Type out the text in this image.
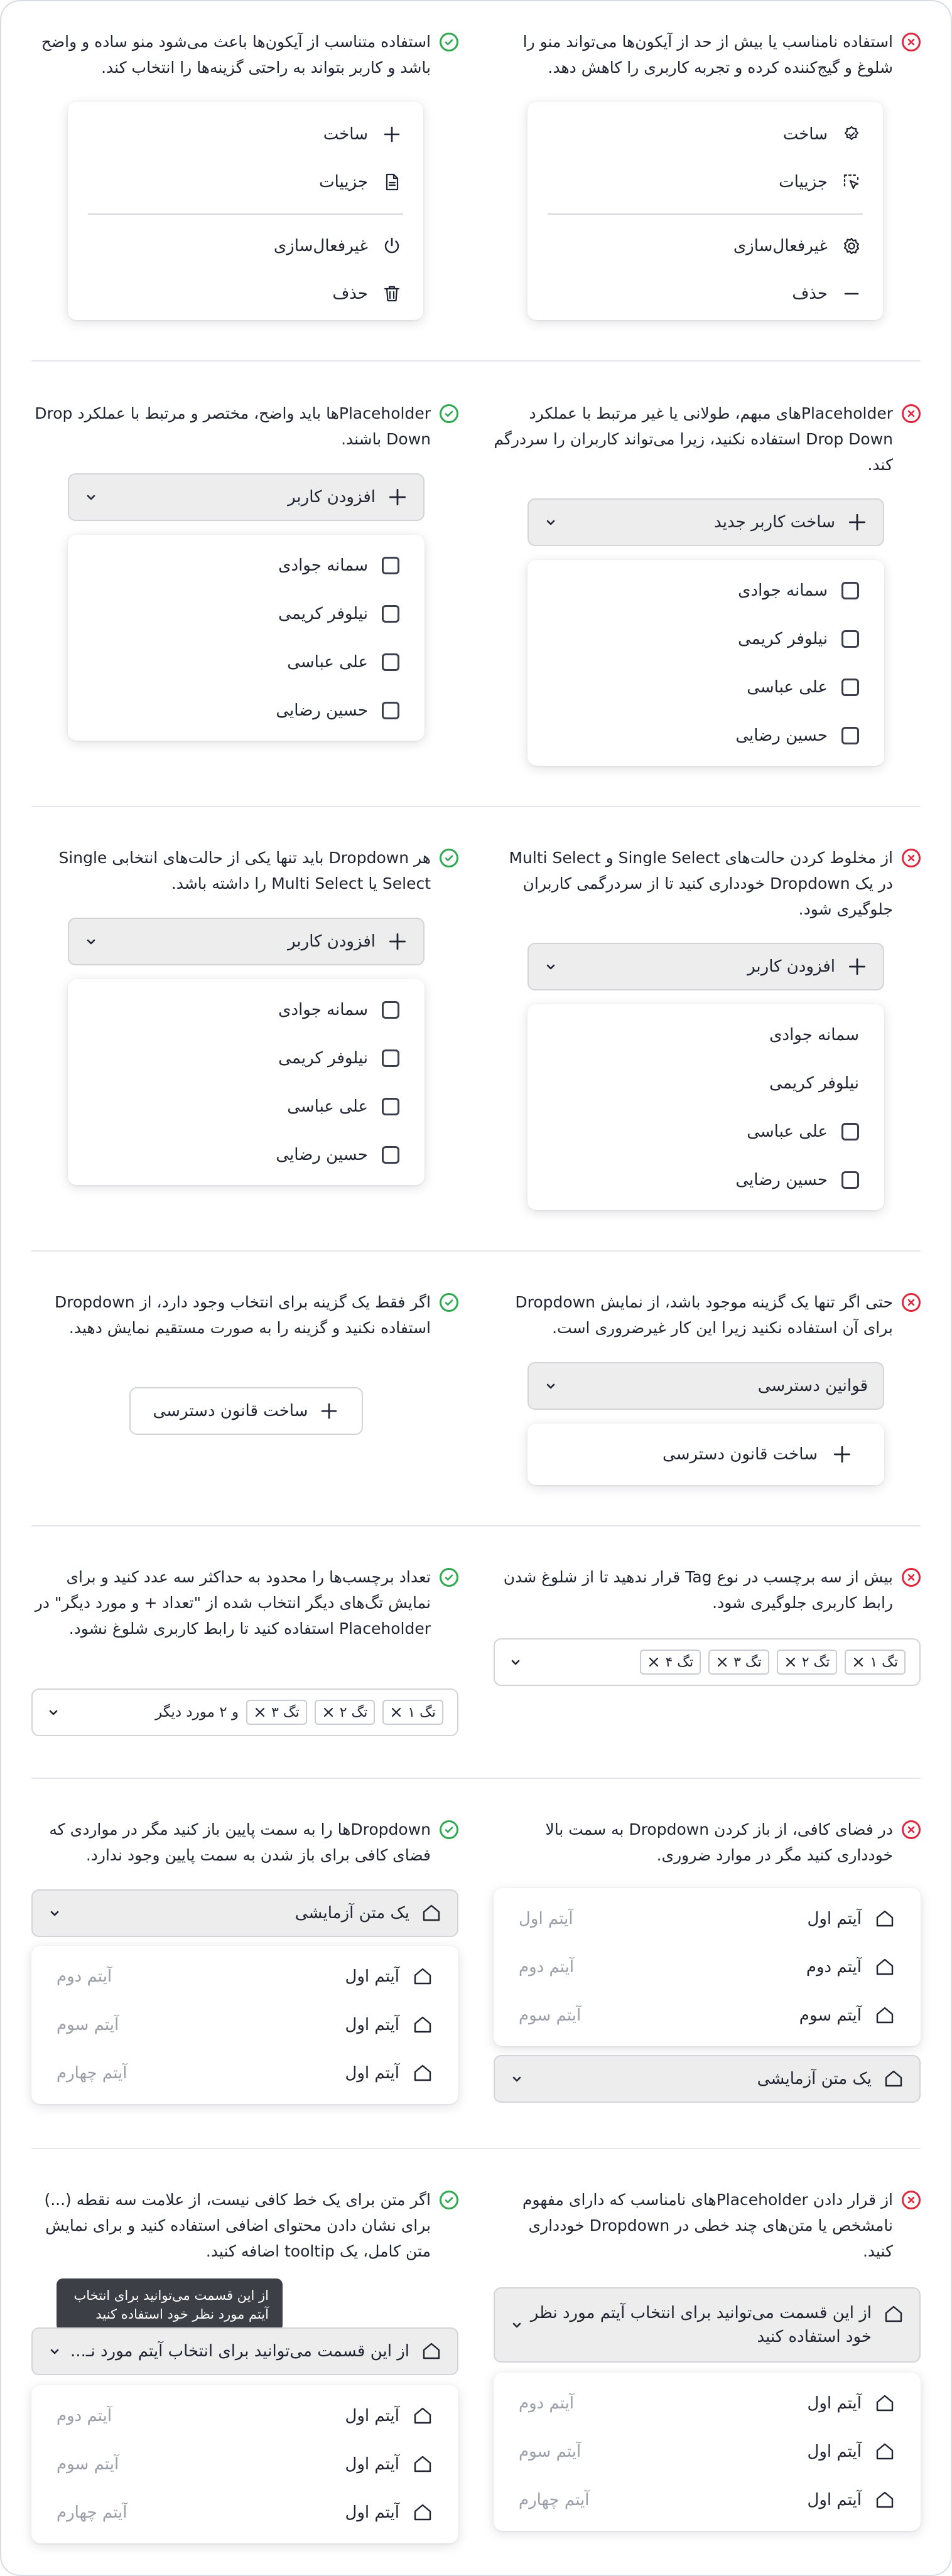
استفاده نامناسب یا بیش از حد از آیکون‌ها می‌تواند منو را شلوغ و گیج‌کننده کرده و تجربه کاربری را کاهش دهد.
ساخت
جزییات
غیرفعال‌سازی
حذف
استفاده متناسب از آیکون‌ها باعث می‌شود منو ساده و واضح باشد و کاربر بتواند به راحتی گزینه‌ها را انتخاب کند.
ساخت
جزییات
غیرفعال‌سازی
حذف
Placeholderهای مبهم، طولانی یا غیر مرتبط با عملکرد Drop Down استفاده نکنید، زیرا می‌تواند کاربران را سردرگم کند.
ساخت کاربر جدید
سمانه جوادی
نیلوفر کریمی
علی عباسی
حسین رضایی
Placeholderها باید واضح، مختصر و مرتبط با عملکرد Drop Down باشند.
افزودن کاربر
سمانه جوادی
نیلوفر کریمی
علی عباسی
حسین رضایی
از مخلوط کردن حالت‌های Single Select و Multi Select در یک Dropdown خودداری کنید تا از سردرگمی کاربران جلوگیری شود.
افزودن کاربر
سمانه جوادی
نیلوفر کریمی
علی عباسی
حسین رضایی
هر Dropdown باید تنها یکی از حالت‌های انتخابی Single Select یا Multi Select را داشته باشد.
افزودن کاربر
سمانه جوادی
نیلوفر کریمی
علی عباسی
حسین رضایی
حتی اگر تنها یک گزینه موجود باشد، از نمایش Dropdown برای آن استفاده نکنید زیرا این کار غیرضروری است.
قوانین دسترسی
ساخت قانون دسترسی
اگر فقط یک گزینه برای انتخاب وجود دارد، از Dropdown استفاده نکنید و گزینه را به صورت مستقیم نمایش دهید.
ساخت قانون دسترسی
بیش از سه برچسب در نوع Tag قرار ندهید تا از شلوغ شدن رابط کاربری جلوگیری شود.
تگ ۱
تگ ۲
تگ ۳
تگ ۴
تعداد برچسب‌ها را محدود به حداکثر سه عدد کنید و برای نمایش تگ‌های دیگر انتخاب شده از "تعداد + و مورد دیگر" در Placeholder استفاده کنید تا رابط کاربری شلوغ نشود.
تگ ۱
تگ ۲
تگ ۳
و ۲ مورد دیگر
در فضای کافی، از باز کردن Dropdown به سمت بالا خودداری کنید مگر در موارد ضروری.
آیتم اول
آیتم اول
آیتم دوم
آیتم دوم
آیتم سوم
آیتم سوم
یک متن آزمایشی
Dropdownها را به سمت پایین باز کنید مگر در مواردی که فضای کافی برای باز شدن به سمت پایین وجود ندارد.
یک متن آزمایشی
آیتم اول
آیتم دوم
آیتم اول
آیتم سوم
آیتم اول
آیتم چهارم
از قرار دادن Placeholderهای نامناسب که دارای مفهوم نامشخص یا متن‌های چند خطی در Dropdown خودداری کنید.
از این قسمت می‌توانید برای انتخاب آیتم مورد نظر خود استفاده کنید
آیتم اول
آیتم دوم
آیتم اول
آیتم سوم
آیتم اول
آیتم چهارم
اگر متن برای یک خط کافی نیست، از علامت سه نقطه (...) برای نشان دادن محتوای اضافی استفاده کنید و برای نمایش متن کامل، یک tooltip اضافه کنید.
از این قسمت می‌توانید برای انتخاب آیتم مورد نظر خود استفاده کنید
از این قسمت می‌توانید برای انتخاب آیتم مورد نـ...
آیتم اول
آیتم دوم
آیتم اول
آیتم سوم
آیتم اول
آیتم چهارم
